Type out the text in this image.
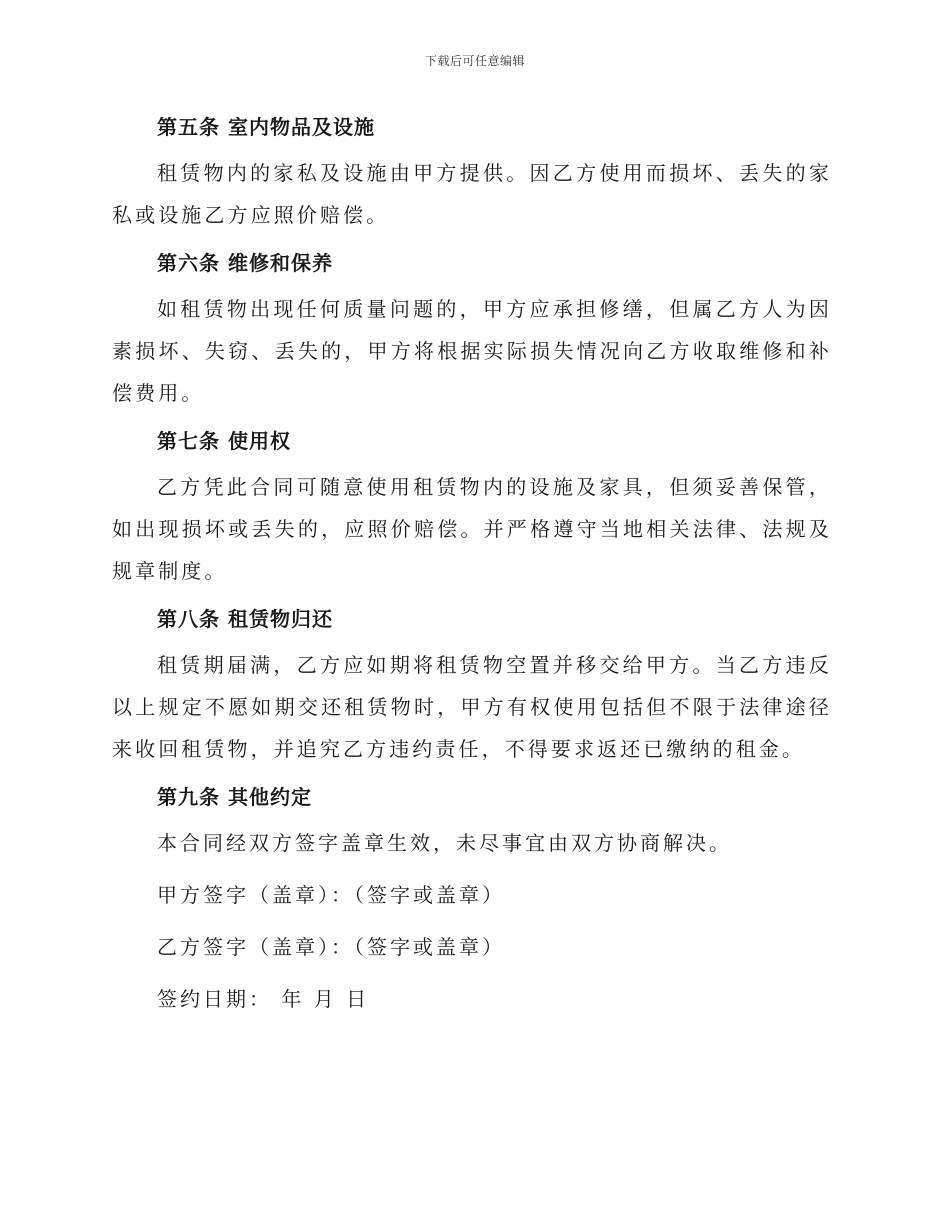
下载后可任意编辑
第五条 室内物品及设施

租赁物内的家私及设施由甲方提供。因乙方使用而损坏、丢失的家私或设施乙方应照价赔偿。

第六条 维修和保养

如租赁物出现任何质量问题的，甲方应承担修缮，但属乙方人为因素损坏、失窃、丢失的，甲方将根据实际损失情况向乙方收取维修和补偿费用。

第七条 使用权

乙方凭此合同可随意使用租赁物内的设施及家具，但须妥善保管，如出现损坏或丢失的，应照价赔偿。并严格遵守当地相关法律、法规及规章制度。

第八条 租赁物归还

租赁期届满，乙方应如期将租赁物空置并移交给甲方。当乙方违反以上规定不愿如期交还租赁物时，甲方有权使用包括但不限于法律途径来收回租赁物，并追究乙方违约责任，不得要求返还已缴纳的租金。

第九条 其他约定
本合同经双方签字盖章生效，未尽事宜由双方协商解决。
甲方签字（盖章）：（签字或盖章）
乙方签字（盖章）：（签字或盖章）
签约日期： 年 月 日
